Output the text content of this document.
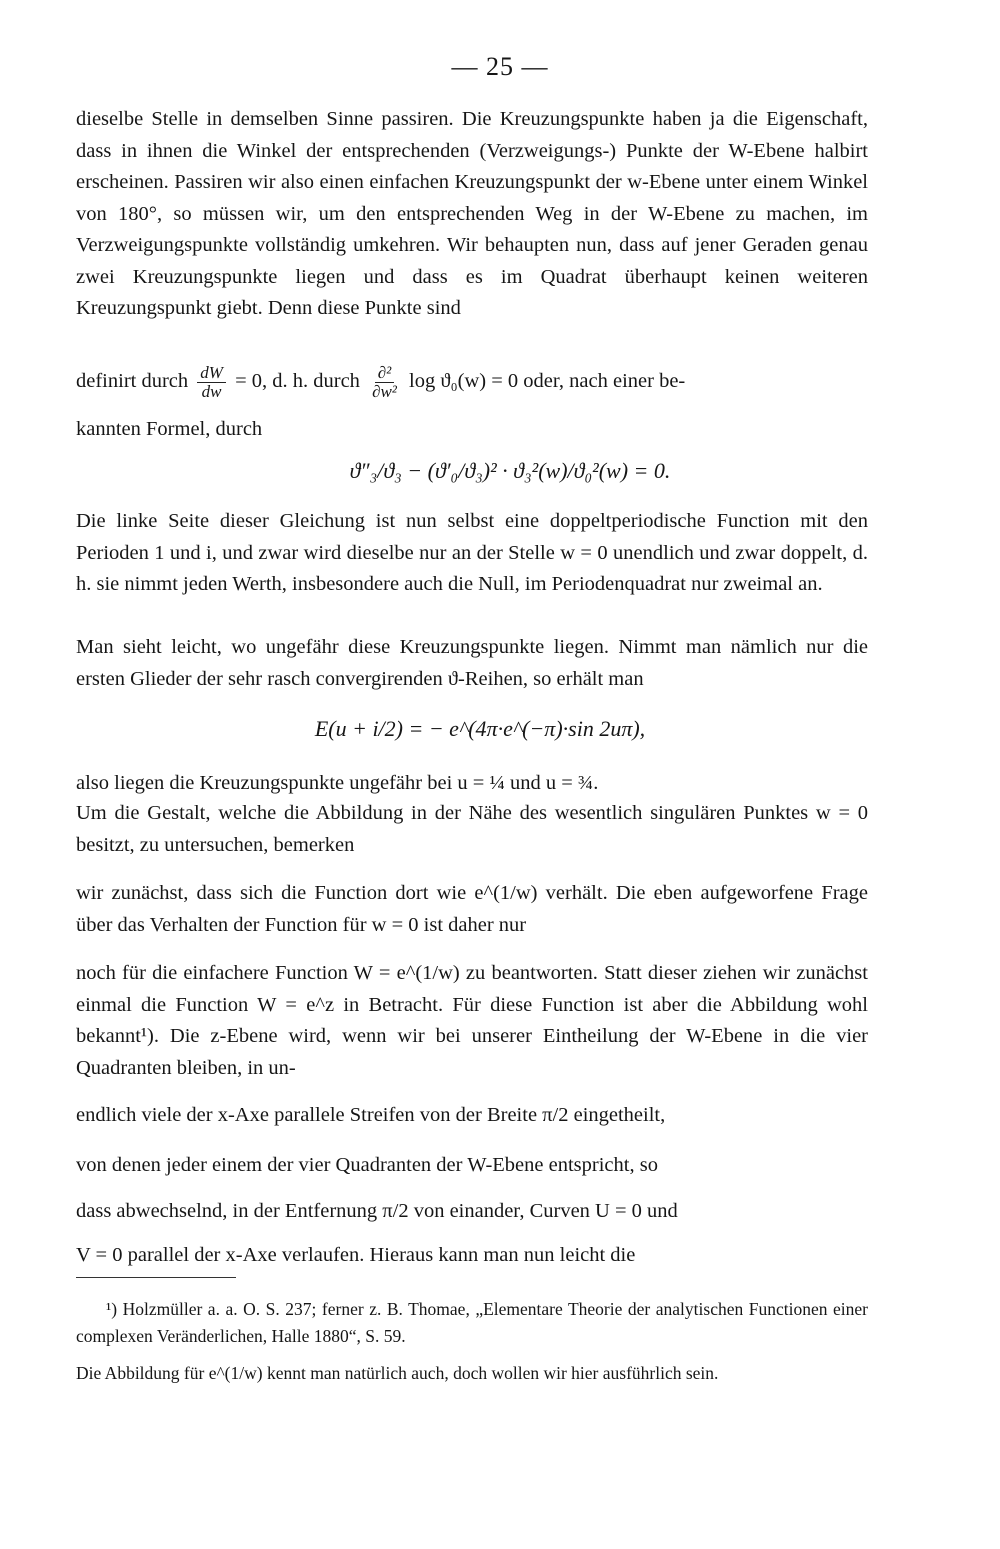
— 25 —
dieselbe Stelle in demselben Sinne passiren. Die Kreuzungspunkte haben ja die Eigenschaft, dass in ihnen die Winkel der entsprechenden (Verzweigungs-) Punkte der W-Ebene halbirt erscheinen. Passiren wir also einen einfachen Kreuzungspunkt der w-Ebene unter einem Winkel von 180°, so müssen wir, um den entsprechenden Weg in der W-Ebene zu machen, im Verzweigungspunkte vollständig umkehren. Wir behaupten nun, dass auf jener Geraden genau zwei Kreuzungspunkte liegen und dass es im Quadrat überhaupt keinen weiteren Kreuzungspunkt giebt. Denn diese Punkte sind
definirt durch $\frac{dW}{dw} = 0$, d. h. durch $\frac{\text{∂²}}{\text{∂w²}}$ log ϑ₀(w) = 0 oder, nach einer be-
kannten Formel, durch
ϑ″₃/ϑ₃ − (ϑ′₀/ϑ₃)² · ϑ₃²(w)/ϑ₀²(w) = 0.
Die linke Seite dieser Gleichung ist nun selbst eine doppeltperiodische Function mit den Perioden 1 und i, und zwar wird dieselbe nur an der Stelle w = 0 unendlich und zwar doppelt, d. h. sie nimmt jeden Werth, insbesondere auch die Null, im Periodenquadrat nur zweimal an.
Man sieht leicht, wo ungefähr diese Kreuzungspunkte liegen. Nimmt man nämlich nur die ersten Glieder der sehr rasch convergirenden ϑ-Reihen, so erhält man
E(u + i/2) = − e^(4π·e^(−π)·sin 2uπ),
also liegen die Kreuzungspunkte ungefähr bei u = ¼ und u = ¾.
Um die Gestalt, welche die Abbildung in der Nähe des wesentlich singulären Punktes w = 0 besitzt, zu untersuchen, bemerken
wir zunächst, dass sich die Function dort wie e^(1/w) verhält. Die eben aufgeworfene Frage über das Verhalten der Function für w = 0 ist daher nur
noch für die einfachere Function W = e^(1/w) zu beantworten. Statt dieser ziehen wir zunächst einmal die Function W = e^z in Betracht. Für diese Function ist aber die Abbildung wohl bekannt¹). Die z-Ebene wird, wenn wir bei unserer Eintheilung der W-Ebene in die vier Quadranten bleiben, in un-
endlich viele der x-Axe parallele Streifen von der Breite π/2 eingetheilt,
von denen jeder einem der vier Quadranten der W-Ebene entspricht, so
dass abwechselnd, in der Entfernung π/2 von einander, Curven U = 0 und
V = 0 parallel der x-Axe verlaufen. Hieraus kann man nun leicht die
¹) Holzmüller a. a. O. S. 237; ferner z. B. Thomae, „Elementare Theorie der analytischen Functionen einer complexen Veränderlichen, Halle 1880“, S. 59.
Die Abbildung für e^(1/w) kennt man natürlich auch, doch wollen wir hier ausführlich sein.
